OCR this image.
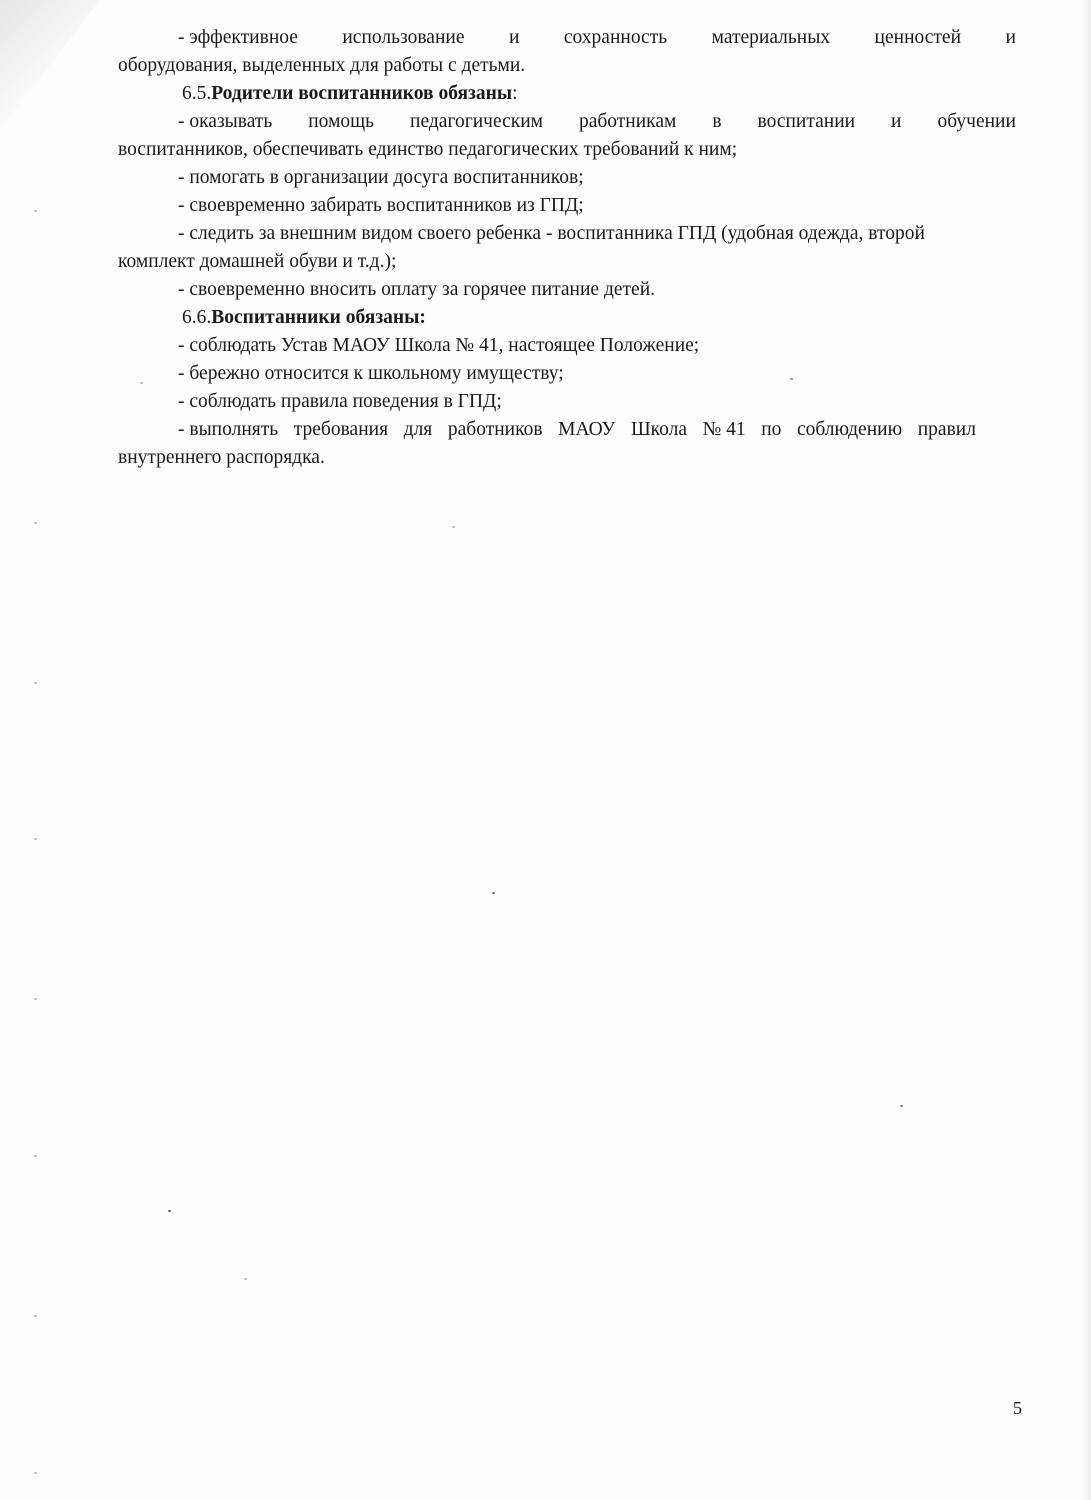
- эффективное использование и сохранность материальных ценностей и

оборудования, выделенных для работы с детьми.

6.5.Родители воспитанников обязаны:

- оказывать помощь педагогическим работникам в воспитании и обучении

воспитанников, обеспечивать единство педагогических требований к ним;

- помогать в организации досуга воспитанников;

- своевременно забирать воспитанников из ГПД;

- следить за внешним видом своего ребенка - воспитанника ГПД (удобная одежда, второй

комплект домашней обуви и т.д.);

- своевременно вносить оплату за горячее питание детей.

6.6.Воспитанники обязаны:

- соблюдать Устав МАОУ Школа № 41, настоящее Положение;

- бережно относится к школьному имуществу;

- соблюдать правила поведения в ГПД;

- выполнять требования для работников МАОУ Школа № 41 по соблюдению правил

внутреннего распорядка.

5
